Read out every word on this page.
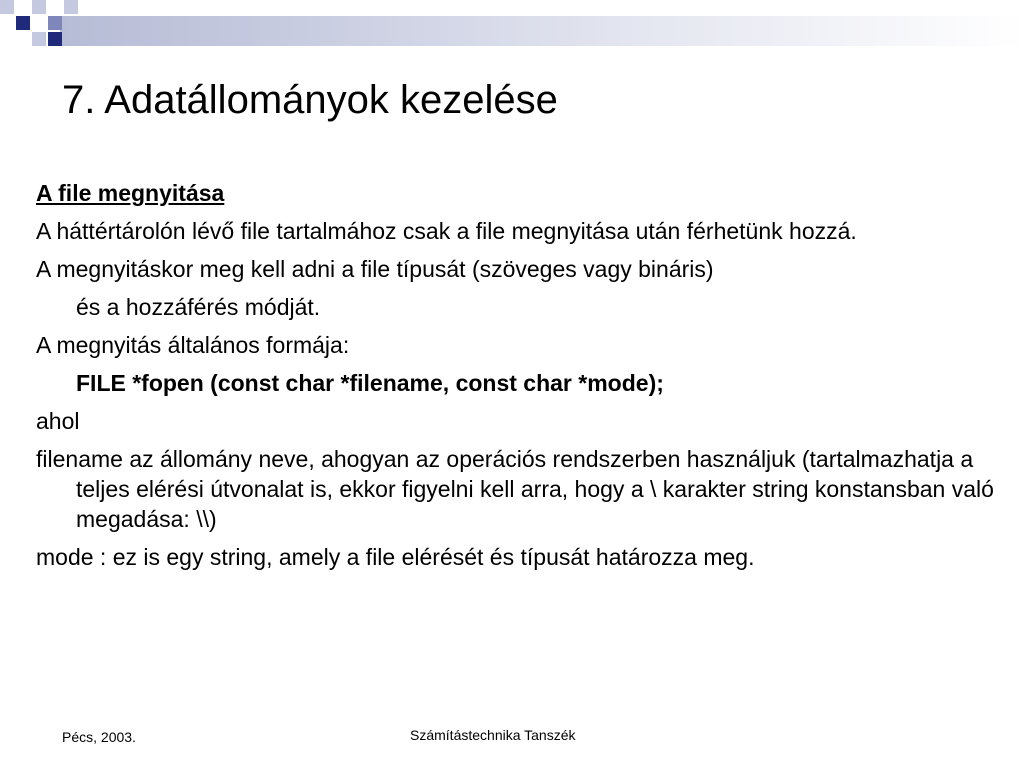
7. Adatállományok kezelése

A file megnyitása

A háttértárolón lévő file tartalmához csak a file megnyitása után férhetünk hozzá.

A megnyitáskor meg kell adni a file típusát (szöveges vagy bináris)

és a hozzáférés módját.

A megnyitás általános formája:

FILE *fopen (const char *filename, const char *mode);

ahol

filename az állomány neve, ahogyan az operációs rendszerben használjuk (tartalmazhatja a teljes elérési útvonalat is, ekkor figyelni kell arra, hogy a \ karakter string konstansban való megadása: \\)

mode : ez is egy string, amely a file elérését és típusát határozza meg.

Pécs, 2003.	Számítástechnika Tanszék
